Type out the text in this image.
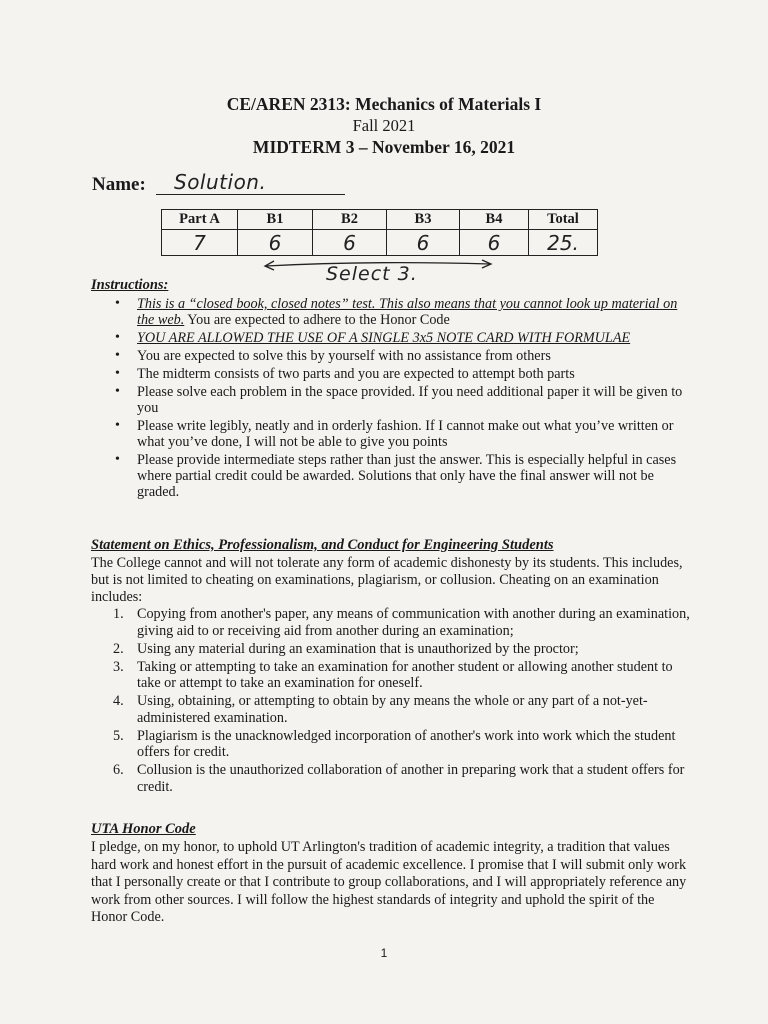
CE/AREN 2313: Mechanics of Materials I
Fall 2021
MIDTERM 3 – November 16, 2021
Name: Solution.
Part A	B1	B2	B3	B4	Total
7	6	6	6	6	25.
Select 3.
Instructions:
• This is a “closed book, closed notes” test. This also means that you cannot look up material on the web. You are expected to adhere to the Honor Code
• YOU ARE ALLOWED THE USE OF A SINGLE 3x5 NOTE CARD WITH FORMULAE
• You are expected to solve this by yourself with no assistance from others
• The midterm consists of two parts and you are expected to attempt both parts
• Please solve each problem in the space provided. If you need additional paper it will be given to you
• Please write legibly, neatly and in orderly fashion. If I cannot make out what you’ve written or what you’ve done, I will not be able to give you points
• Please provide intermediate steps rather than just the answer. This is especially helpful in cases where partial credit could be awarded. Solutions that only have the final answer will not be graded.
Statement on Ethics, Professionalism, and Conduct for Engineering Students
The College cannot and will not tolerate any form of academic dishonesty by its students. This includes, but is not limited to cheating on examinations, plagiarism, or collusion. Cheating on an examination includes:
1. Copying from another's paper, any means of communication with another during an examination, giving aid to or receiving aid from another during an examination;
2. Using any material during an examination that is unauthorized by the proctor;
3. Taking or attempting to take an examination for another student or allowing another student to take or attempt to take an examination for oneself.
4. Using, obtaining, or attempting to obtain by any means the whole or any part of a not-yet-administered examination.
5. Plagiarism is the unacknowledged incorporation of another's work into work which the student offers for credit.
6. Collusion is the unauthorized collaboration of another in preparing work that a student offers for credit.
UTA Honor Code
I pledge, on my honor, to uphold UT Arlington's tradition of academic integrity, a tradition that values hard work and honest effort in the pursuit of academic excellence. I promise that I will submit only work that I personally create or that I contribute to group collaborations, and I will appropriately reference any work from other sources. I will follow the highest standards of integrity and uphold the spirit of the Honor Code.
1
